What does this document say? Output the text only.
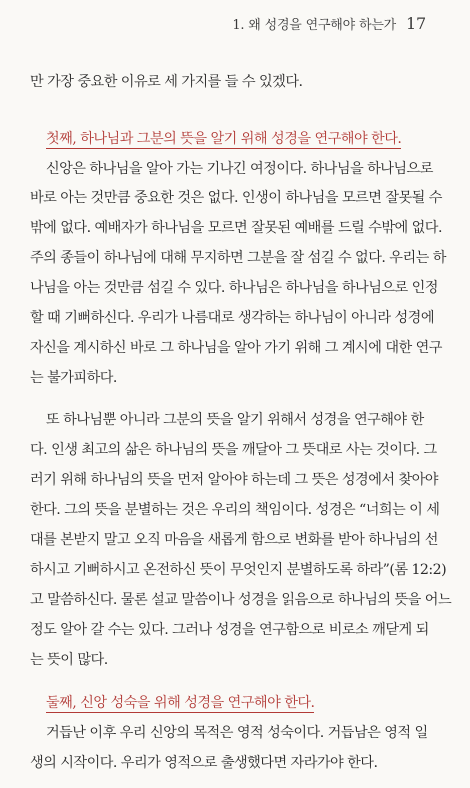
1. 왜 성경을 연구해야 하는가 17
만 가장 중요한 이유로 세 가지를 들 수 있겠다.
첫째, 하나님과 그분의 뜻을 알기 위해 성경을 연구해야 한다.
신앙은 하나님을 알아 가는 기나긴 여정이다. 하나님을 하나님으로
바로 아는 것만큼 중요한 것은 없다. 인생이 하나님을 모르면 잘못될 수
밖에 없다. 예배자가 하나님을 모르면 잘못된 예배를 드릴 수밖에 없다.
주의 종들이 하나님에 대해 무지하면 그분을 잘 섬길 수 없다. 우리는 하
나님을 아는 것만큼 섬길 수 있다. 하나님은 하나님을 하나님으로 인정
할 때 기뻐하신다. 우리가 나름대로 생각하는 하나님이 아니라 성경에
자신을 계시하신 바로 그 하나님을 알아 가기 위해 그 계시에 대한 연구
는 불가피하다.
또 하나님뿐 아니라 그분의 뜻을 알기 위해서 성경을 연구해야 한
다. 인생 최고의 삶은 하나님의 뜻을 깨달아 그 뜻대로 사는 것이다. 그
러기 위해 하나님의 뜻을 먼저 알아야 하는데 그 뜻은 성경에서 찾아야
한다. 그의 뜻을 분별하는 것은 우리의 책임이다. 성경은 “너희는 이 세
대를 본받지 말고 오직 마음을 새롭게 함으로 변화를 받아 하나님의 선
하시고 기뻐하시고 온전하신 뜻이 무엇인지 분별하도록 하라”(롬 12:2)
고 말씀하신다. 물론 설교 말씀이나 성경을 읽음으로 하나님의 뜻을 어느
정도 알아 갈 수는 있다. 그러나 성경을 연구함으로 비로소 깨닫게 되
는 뜻이 많다.
둘째, 신앙 성숙을 위해 성경을 연구해야 한다.
거듭난 이후 우리 신앙의 목적은 영적 성숙이다. 거듭남은 영적 일
생의 시작이다. 우리가 영적으로 출생했다면 자라가야 한다.
